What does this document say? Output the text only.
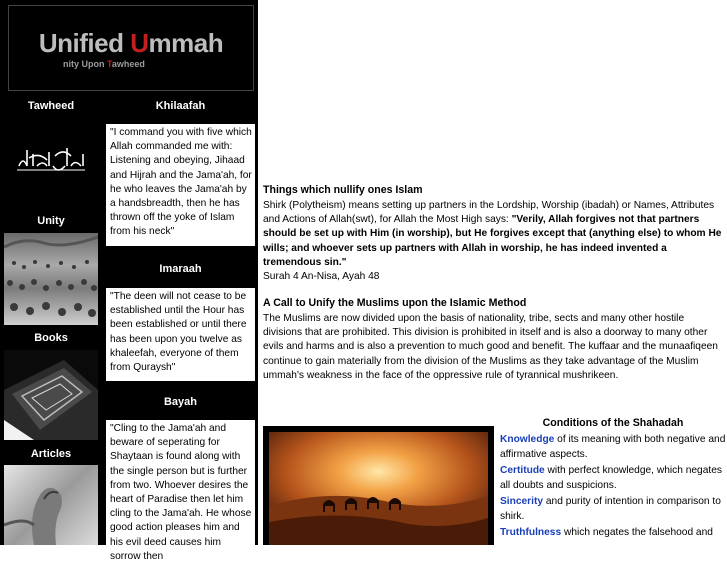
Unified Ummah
nity Upon Tawheed
Tawheed
Unity
Books
Articles
Khilaafah
"I command you with five which Allah commanded me with: Listening and obeying, Jihaad and Hijrah and the Jama'ah, for he who leaves the Jama'ah by a handsbreadth, then he has thrown off the yoke of Islam from his neck"
Imaraah
"The deen will not cease to be established until the Hour has been established or until there has been upon you twelve as khaleefah, everyone of them from Quraysh"
Bayah
"Cling to the Jama'ah and beware of seperating for Shaytaan is found along with the single person but is further from two. Whoever desires the heart of Paradise then let him cling to the Jama'ah. He whose good action pleases him and his evil deed causes him sorrow then

Things which nullify ones Islam

Shirk (Polytheism) means setting up partners in the Lordship, Worship (ibadah) or Names, Attributes and Actions of Allah(swt), for Allah the Most High says: "Verily, Allah forgives not that partners should be set up with Him (in worship), but He forgives except that (anything else) to whom He wills; and whoever sets up partners with Allah in worship, he has indeed invented a tremendous sin."

Surah 4 An-Nisa, Ayah 48

A Call to Unify the Muslims upon the Islamic Method

The Muslims are now divided upon the basis of nationality, tribe, sects and many other hostile divisions that are prohibited. This division is prohibited in itself and is also a doorway to many other evils and harms and is also a prevention to much good and benefit. The kuffaar and the munaafiqeen continue to gain materially from the division of the Muslims as they take advantage of the Muslim ummah's weakness in the face of the oppressive rule of tyrannical mushrikeen.

Conditions of the Shahadah

Knowledge of its meaning with both negative and affirmative aspects.

Certitude with perfect knowledge, which negates all doubts and suspicions.

Sincerity and purity of intention in comparison to shirk.

Truthfulness which negates the falsehood and
